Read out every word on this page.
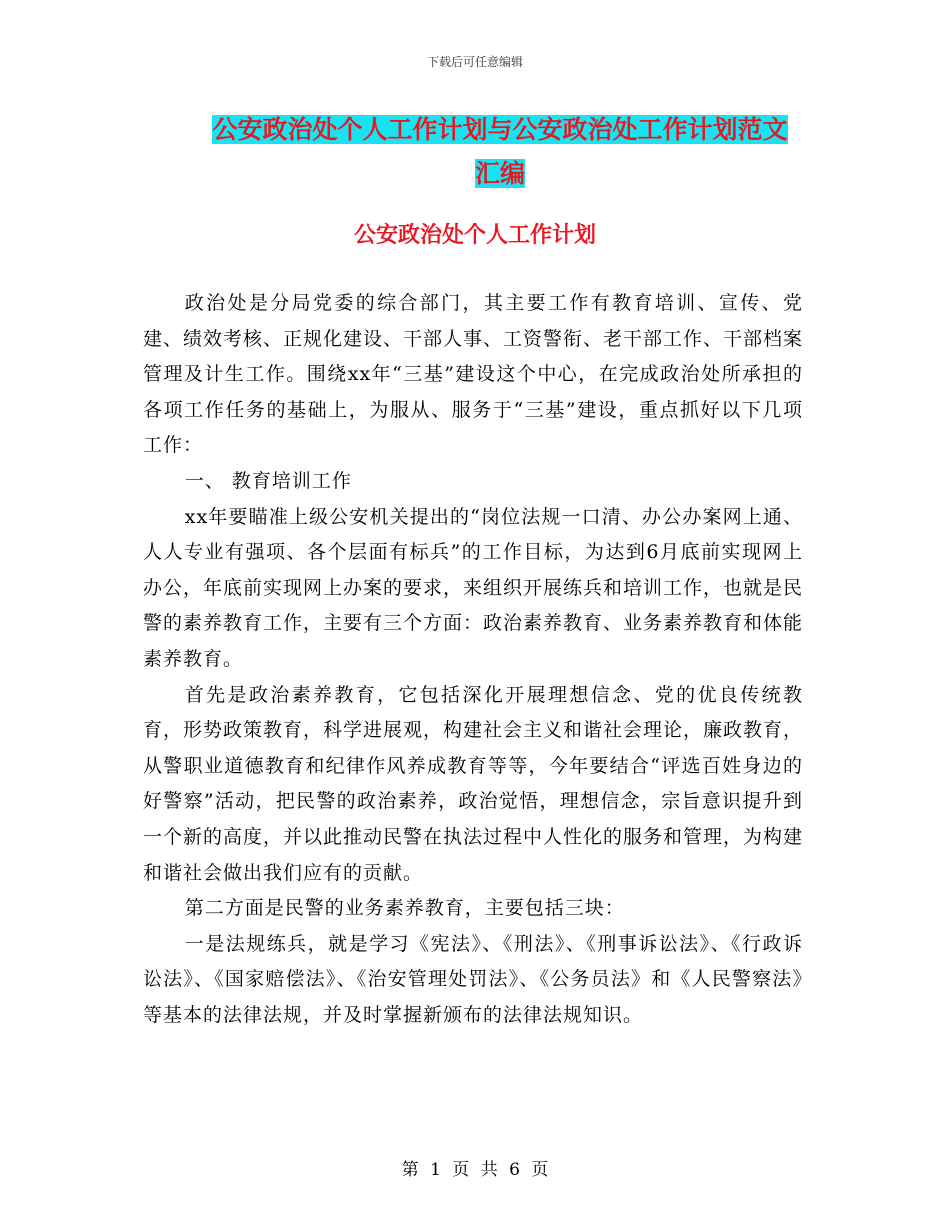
下载后可任意编辑
公安政治处个人工作计划与公安政治处工作计划范文
汇编
公安政治处个人工作计划

政治处是分局党委的综合部门，其主要工作有教育培训、宣传、党建、绩效考核、正规化建设、干部人事、工资警衔、老干部工作、干部档案管理及计生工作。围绕xx年“三基”建设这个中心，在完成政治处所承担的各项工作任务的基础上，为服从、服务于“三基”建设，重点抓好以下几项工作：

一、 教育培训工作

xx年要瞄准上级公安机关提出的“岗位法规一口清、办公办案网上通、人人专业有强项、各个层面有标兵”的工作目标，为达到6月底前实现网上办公，年底前实现网上办案的要求，来组织开展练兵和培训工作，也就是民警的素养教育工作，主要有三个方面：政治素养教育、业务素养教育和体能素养教育。

首先是政治素养教育，它包括深化开展理想信念、党的优良传统教育，形势政策教育，科学进展观，构建社会主义和谐社会理论，廉政教育，从警职业道德教育和纪律作风养成教育等等，今年要结合“评选百姓身边的好警察”活动，把民警的政治素养，政治觉悟，理想信念，宗旨意识提升到一个新的高度，并以此推动民警在执法过程中人性化的服务和管理，为构建和谐社会做出我们应有的贡献。

第二方面是民警的业务素养教育，主要包括三块：

一是法规练兵，就是学习《宪法》、《刑法》、《刑事诉讼法》、《行政诉讼法》、《国家赔偿法》、《治安管理处罚法》、《公务员法》和《人民警察法》等基本的法律法规，并及时掌握新颁布的法律法规知识。

第 1 页 共 6 页
